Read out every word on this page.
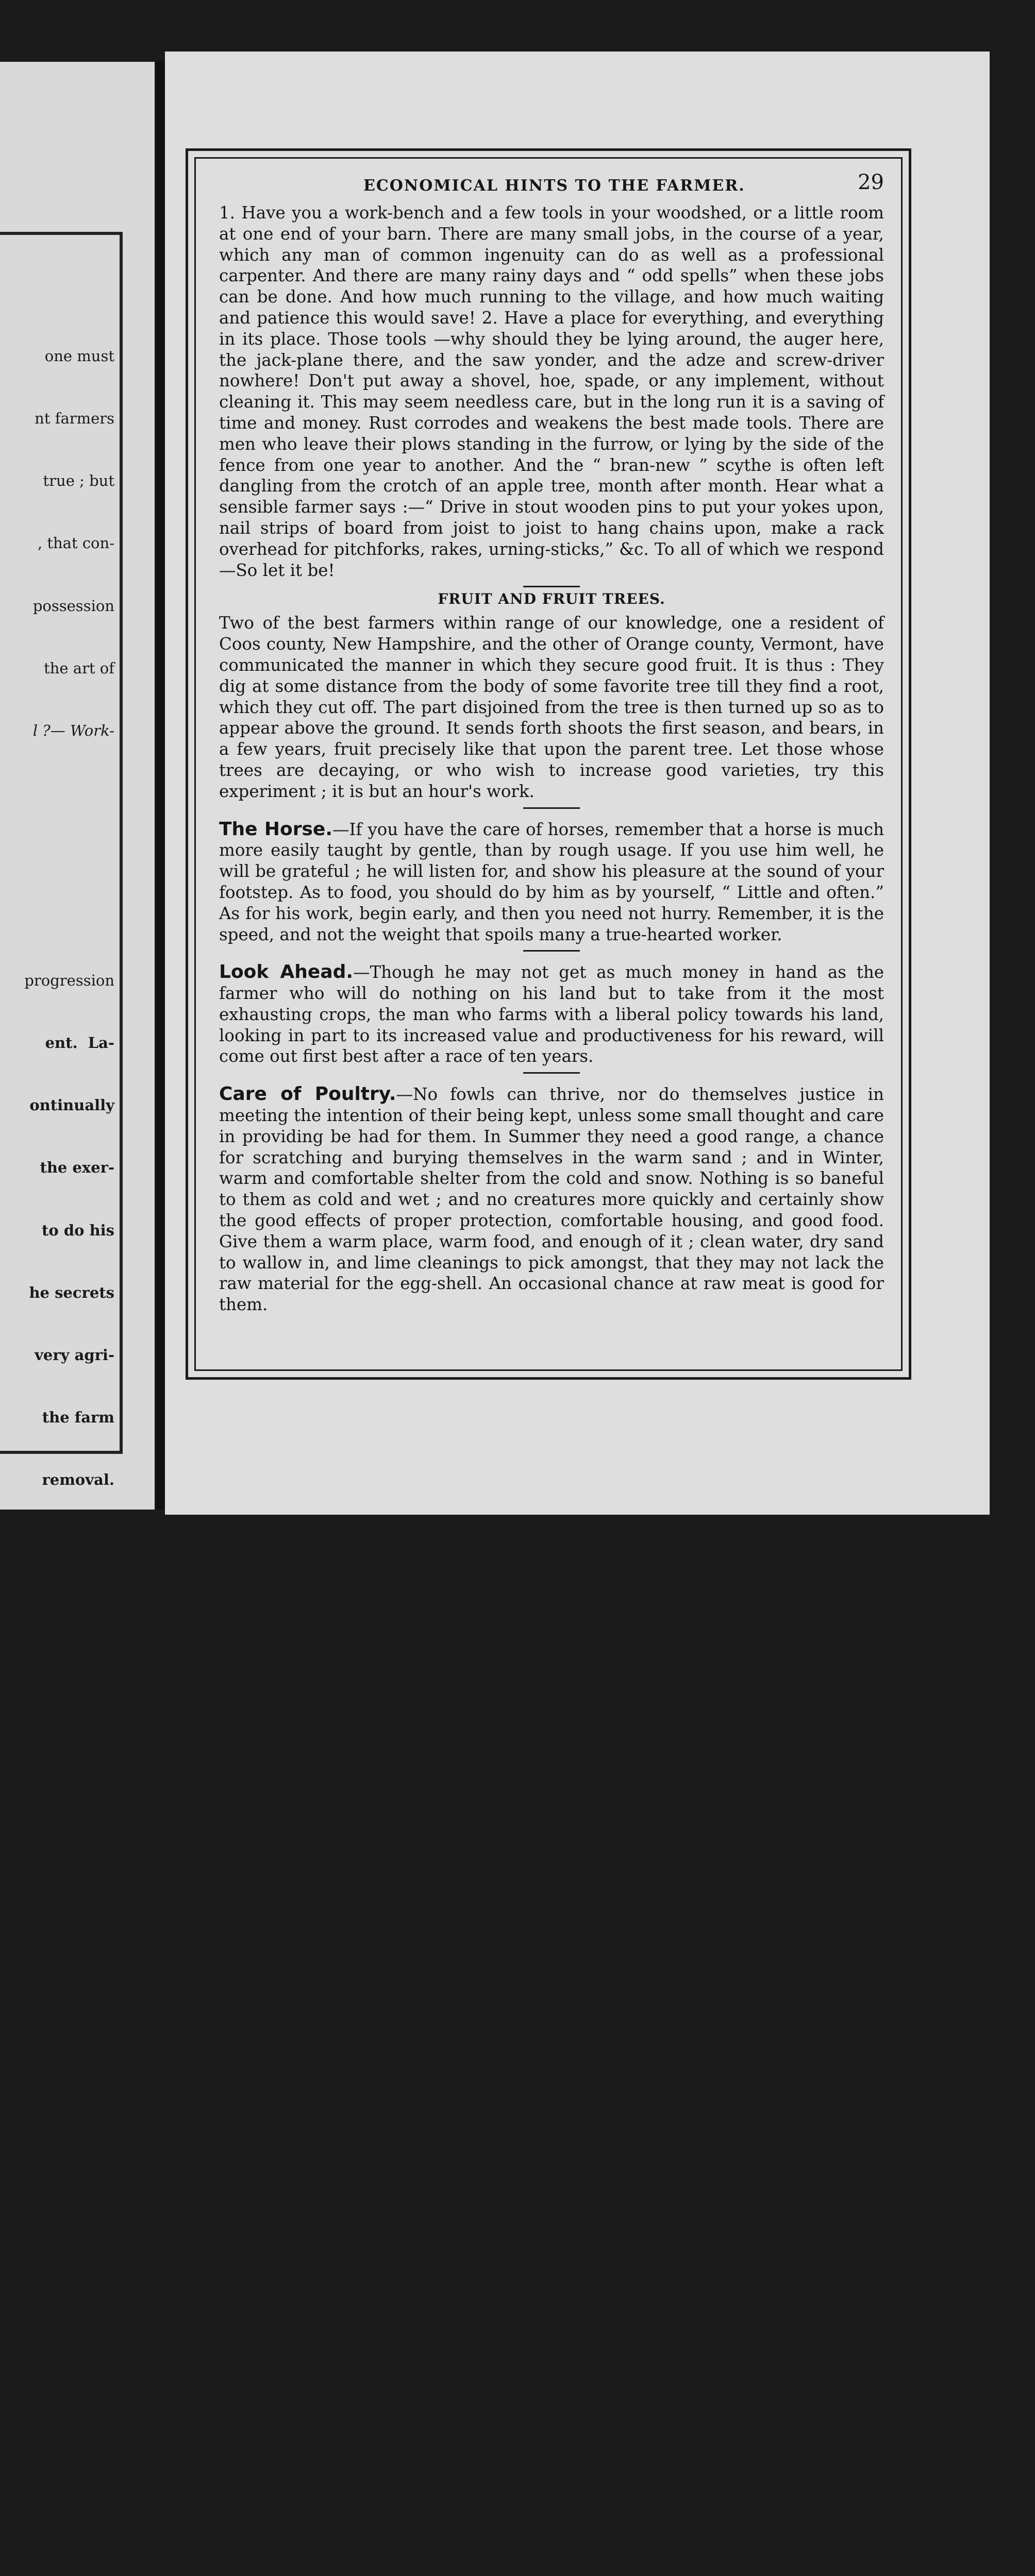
one must

nt farmers

true ; but

, that con-

possession

the art of

l ?— Work-

progression

ent.  La-

ontinually

the exer-

to do his

he secrets

very agri-

the farm

removal.

s, and let

ment."

thriftily

still ten

cause of

as formed

oots have

e rotted.

s to grow

after this

tnight in

from this

nore than

corn to

er :

ECONOMICAL HINTS TO THE FARMER.	29

1. Have you a work-bench and a few tools in your woodshed, or a little room at one end of your barn. There are many small jobs, in the course of a year, which any man of common ingenuity can do as well as a professional carpenter. And there are many rainy days and “ odd spells” when these jobs can be done. And how much running to the village, and how much waiting and patience this would save! 2. Have a place for everything, and everything in its place. Those tools —why should they be lying around, the auger here, the jack-plane there, and the saw yonder, and the adze and screw-driver nowhere! Don't put away a shovel, hoe, spade, or any implement, without cleaning it. This may seem needless care, but in the long run it is a saving of time and money. Rust corrodes and weakens the best made tools. There are men who leave their plows standing in the furrow, or lying by the side of the fence from one year to another. And the “ bran-new ” scythe is often left dangling from the crotch of an apple tree, month after month. Hear what a sensible farmer says :—“ Drive in stout wooden pins to put your yokes upon, nail strips of board from joist to joist to hang chains upon, make a rack overhead for pitchforks, rakes, urning-sticks,” &c. To all of which we respond—So let it be!

FRUIT AND FRUIT TREES.

Two of the best farmers within range of our knowledge, one a resident of Coos county, New Hampshire, and the other of Orange county, Vermont, have communicated the manner in which they secure good fruit. It is thus : They dig at some distance from the body of some favorite tree till they find a root, which they cut off. The part disjoined from the tree is then turned up so as to appear above the ground. It sends forth shoots the first season, and bears, in a few years, fruit precisely like that upon the parent tree. Let those whose trees are decaying, or who wish to increase good varieties, try this experiment ; it is but an hour's work.

The Horse.—If you have the care of horses, remember that a horse is much more easily taught by gentle, than by rough usage. If you use him well, he will be grateful ; he will listen for, and show his pleasure at the sound of your footstep. As to food, you should do by him as by yourself, “ Little and often.” As for his work, begin early, and then you need not hurry. Remember, it is the speed, and not the weight that spoils many a true-hearted worker.

Look Ahead.—Though he may not get as much money in hand as the farmer who will do nothing on his land but to take from it the most exhausting crops, the man who farms with a liberal policy towards his land, looking in part to its increased value and productiveness for his reward, will come out first best after a race of ten years.

Care of Poultry.—No fowls can thrive, nor do themselves justice in meeting the intention of their being kept, unless some small thought and care in providing be had for them. In Summer they need a good range, a chance for scratching and burying themselves in the warm sand ; and in Winter, warm and comfortable shelter from the cold and snow. Nothing is so baneful to them as cold and wet ; and no creatures more quickly and certainly show the good effects of proper protection, comfortable housing, and good food. Give them a warm place, warm food, and enough of it ; clean water, dry sand to wallow in, and lime cleanings to pick amongst, that they may not lack the raw material for the egg-shell. An occasional chance at raw meat is good for them.
